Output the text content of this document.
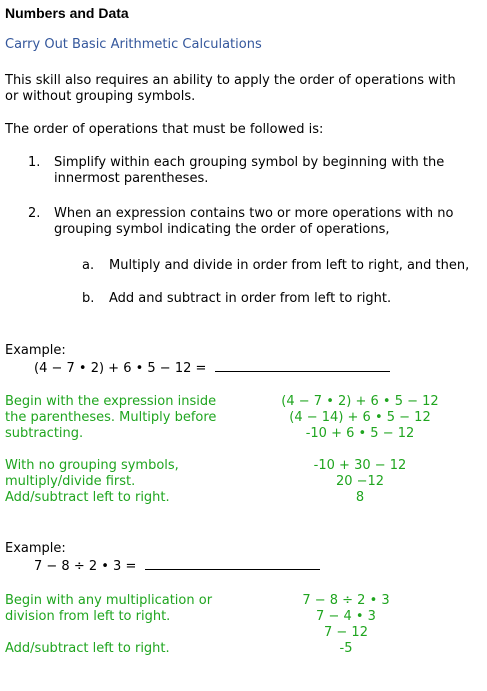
Numbers and Data
Carry Out Basic Arithmetic Calculations
This skill also requires an ability to apply the order of operations with
or without grouping symbols.
The order of operations that must be followed is:
1. Simplify within each grouping symbol by beginning with the
innermost parentheses.
2. When an expression contains two or more operations with no
grouping symbol indicating the order of operations,
a. Multiply and divide in order from left to right, and then,
b. Add and subtract in order from left to right.
Example:
(4 − 7 • 2) + 6 • 5 − 12 =
Begin with the expression inside
the parentheses. Multiply before
subtracting.
(4 − 7 • 2) + 6 • 5 − 12
(4 − 14) + 6 • 5 − 12
-10 + 6 • 5 − 12
With no grouping symbols,
multiply/divide first.
Add/subtract left to right.
-10 + 30 − 12
20 −12
8
Example:
7 − 8 ÷ 2 • 3 =
Begin with any multiplication or
division from left to right.
Add/subtract left to right.
7 − 8 ÷ 2 • 3
7 − 4 • 3
7 − 12
-5
